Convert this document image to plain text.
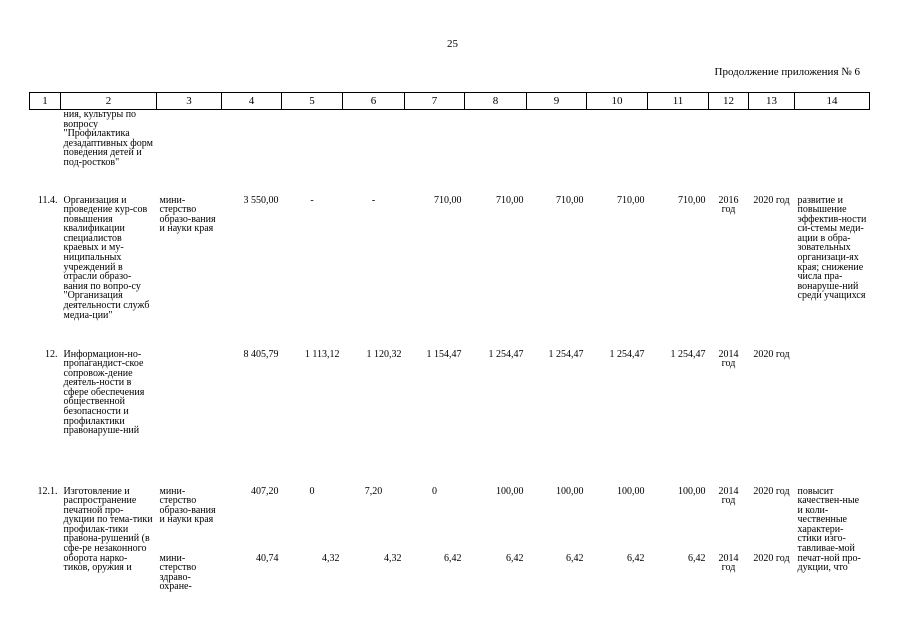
25
Продолжение приложения № 6
1	2	3	4	5	6	7	8	9	10	11	12	13	14
	ния, культуры по вопросу "Профилактика дезадаптивных форм поведения детей и под-ростков"												
11.4.	Организация и проведение кур-сов повышения квалификации специалистов краевых и му-ниципальных учреждений в отрасли образо-вания по вопро-су "Организация деятельности служб медиа-ции"	мини-стерство образо-вания и науки края	3 550,00	-	-	710,00	710,00	710,00	710,00	710,00	2016 год	2020 год	развитие и повышение эффектив-ности си-стемы меди-ации в обра-зовательных организаци-ях края; снижение числа пра-вонаруше-ний среди учащихся
12.	Информацион-но-пропагандист-ское сопровож-дение деятель-ности в сфере обеспечения общественной безопасности и профилактики правонаруше-ний		8 405,79	1 113,12	1 120,32	1 154,47	1 254,47	1 254,47	1 254,47	1 254,47	2014 год	2020 год	
12.1.	Изготовление и распространение печатной про-дукции по тема-тики профилак-тики правона-рушений (в сфе-ре незаконного оборота нарко-тиков, оружия и	мини-стерство образо-вания и науки края	407,20	0	7,20	0	100,00	100,00	100,00	100,00	2014 год	2020 год	повысит качествен-ные и коли-чественные характери-стики изго-тавливае-мой печат-ной про-дукции, что
		мини-стерство здраво-охране-	40,74	4,32	4,32	6,42	6,42	6,42	6,42	6,42	2014 год	2020 год	
